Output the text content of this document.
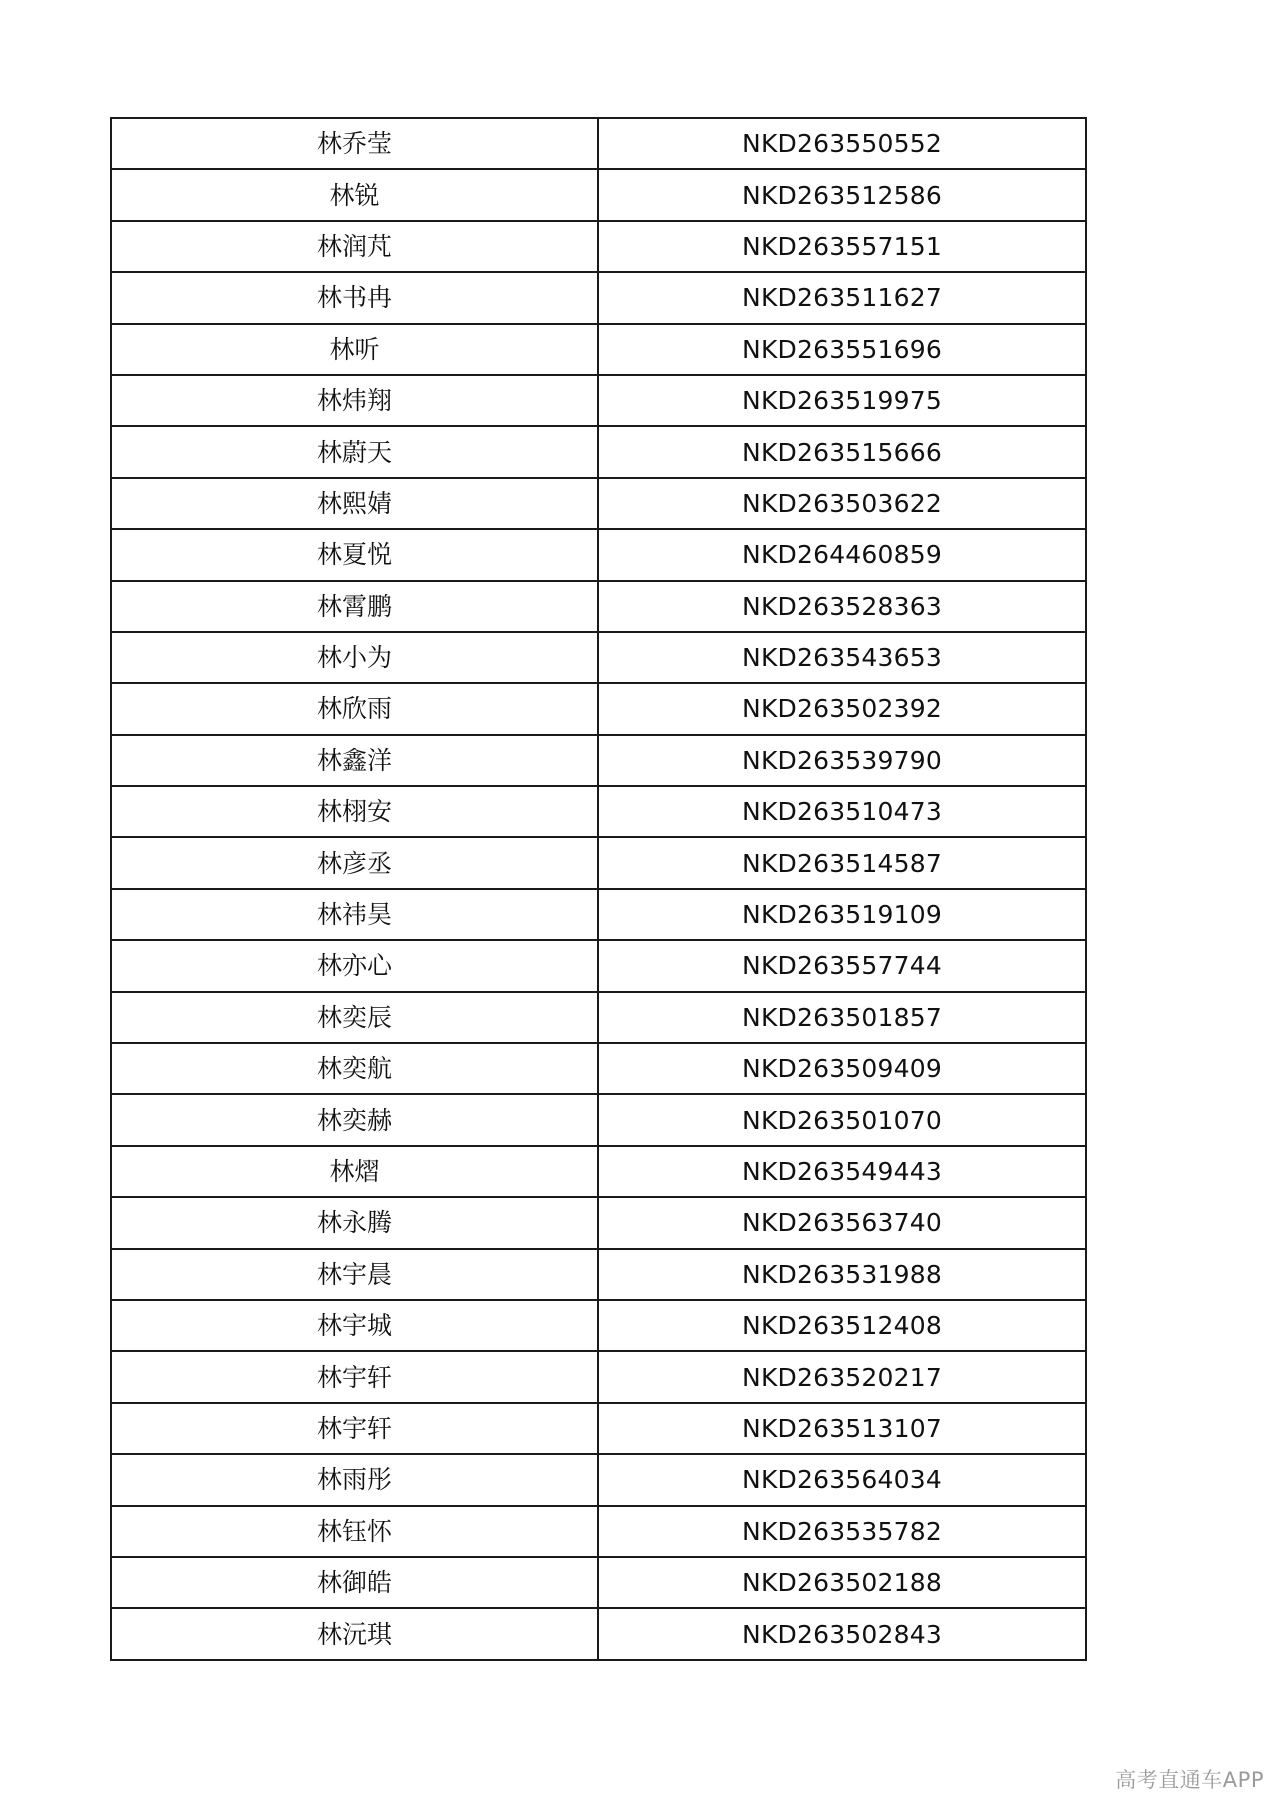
林乔莹	NKD263550552
林锐	NKD263512586
林润芃	NKD263557151
林书冉	NKD263511627
林听	NKD263551696
林炜翔	NKD263519975
林蔚天	NKD263515666
林熙婧	NKD263503622
林夏悦	NKD264460859
林霄鹏	NKD263528363
林小为	NKD263543653
林欣雨	NKD263502392
林鑫洋	NKD263539790
林栩安	NKD263510473
林彦丞	NKD263514587
林祎昊	NKD263519109
林亦心	NKD263557744
林奕辰	NKD263501857
林奕航	NKD263509409
林奕赫	NKD263501070
林熠	NKD263549443
林永腾	NKD263563740
林宇晨	NKD263531988
林宇城	NKD263512408
林宇轩	NKD263520217
林宇轩	NKD263513107
林雨彤	NKD263564034
林钰怀	NKD263535782
林御皓	NKD263502188
林沅琪	NKD263502843
高考直通车APP
